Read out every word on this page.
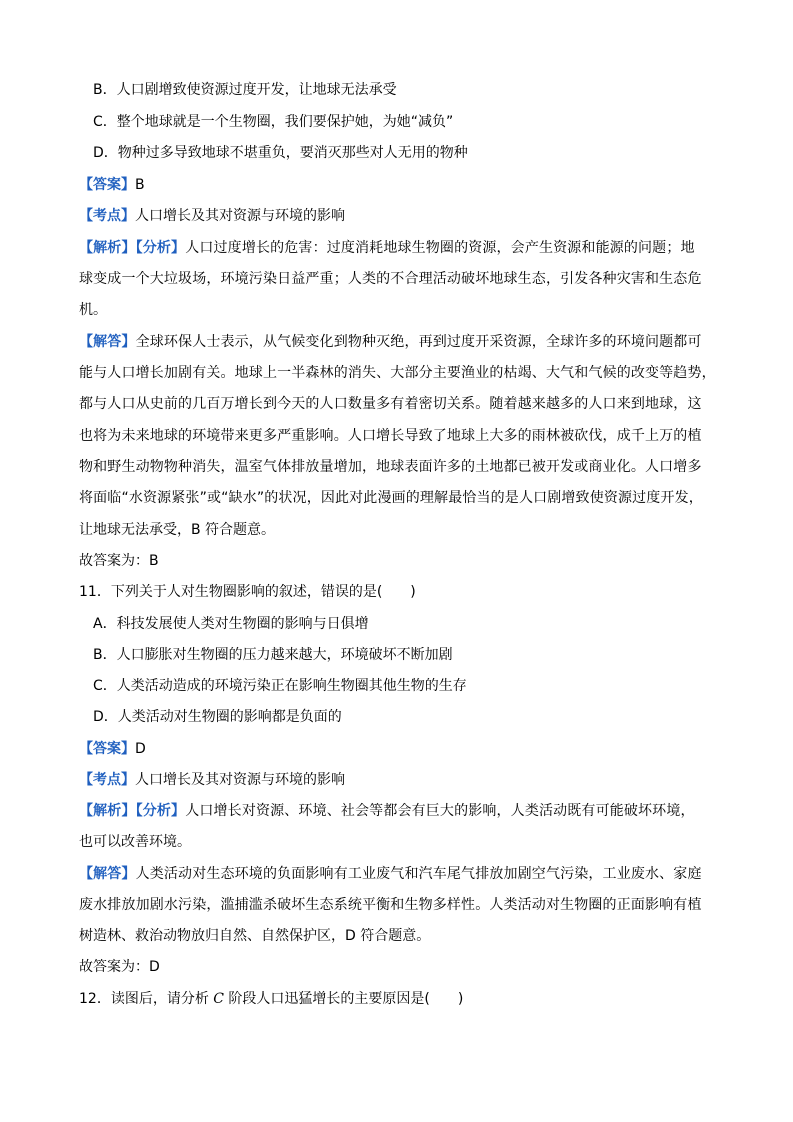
B．人口剧增致使资源过度开发，让地球无法承受
C．整个地球就是一个生物圈，我们要保护她，为她“减负”
D．物种过多导致地球不堪重负，要消灭那些对人无用的物种
【答案】B
【考点】人口增长及其对资源与环境的影响
【解析】【分析】人口过度增长的危害：过度消耗地球生物圈的资源，会产生资源和能源的问题；地
球变成一个大垃圾场，环境污染日益严重；人类的不合理活动破坏地球生态，引发各种灾害和生态危
机。
【解答】全球环保人士表示，从气候变化到物种灭绝，再到过度开采资源，全球许多的环境问题都可
能与人口增长加剧有关。地球上一半森林的消失、大部分主要渔业的枯竭、大气和气候的改变等趋势，
都与人口从史前的几百万增长到今天的人口数量多有着密切关系。随着越来越多的人口来到地球，这
也将为未来地球的环境带来更多严重影响。人口增长导致了地球上大多的雨林被砍伐，成千上万的植
物和野生动物物种消失，温室气体排放量增加，地球表面许多的土地都已被开发或商业化。人口增多
将面临“水资源紧张”或“缺水”的状况，因此对此漫画的理解最恰当的是人口剧增致使资源过度开发，
让地球无法承受，B 符合题意。
故答案为：B
11．下列关于人对生物圈影响的叙述，错误的是(　　)
A．科技发展使人类对生物圈的影响与日俱增
B．人口膨胀对生物圈的压力越来越大，环境破坏不断加剧
C．人类活动造成的环境污染正在影响生物圈其他生物的生存
D．人类活动对生物圈的影响都是负面的
【答案】D
【考点】人口增长及其对资源与环境的影响
【解析】【分析】人口增长对资源、环境、社会等都会有巨大的影响，人类活动既有可能破坏环境，
也可以改善环境。
【解答】人类活动对生态环境的负面影响有工业废气和汽车尾气排放加剧空气污染，工业废水、家庭
废水排放加剧水污染，滥捕滥杀破坏生态系统平衡和生物多样性。人类活动对生物圈的正面影响有植
树造林、救治动物放归自然、自然保护区，D 符合题意。
故答案为：D
12．读图后，请分析 C 阶段人口迅猛增长的主要原因是(　　)
